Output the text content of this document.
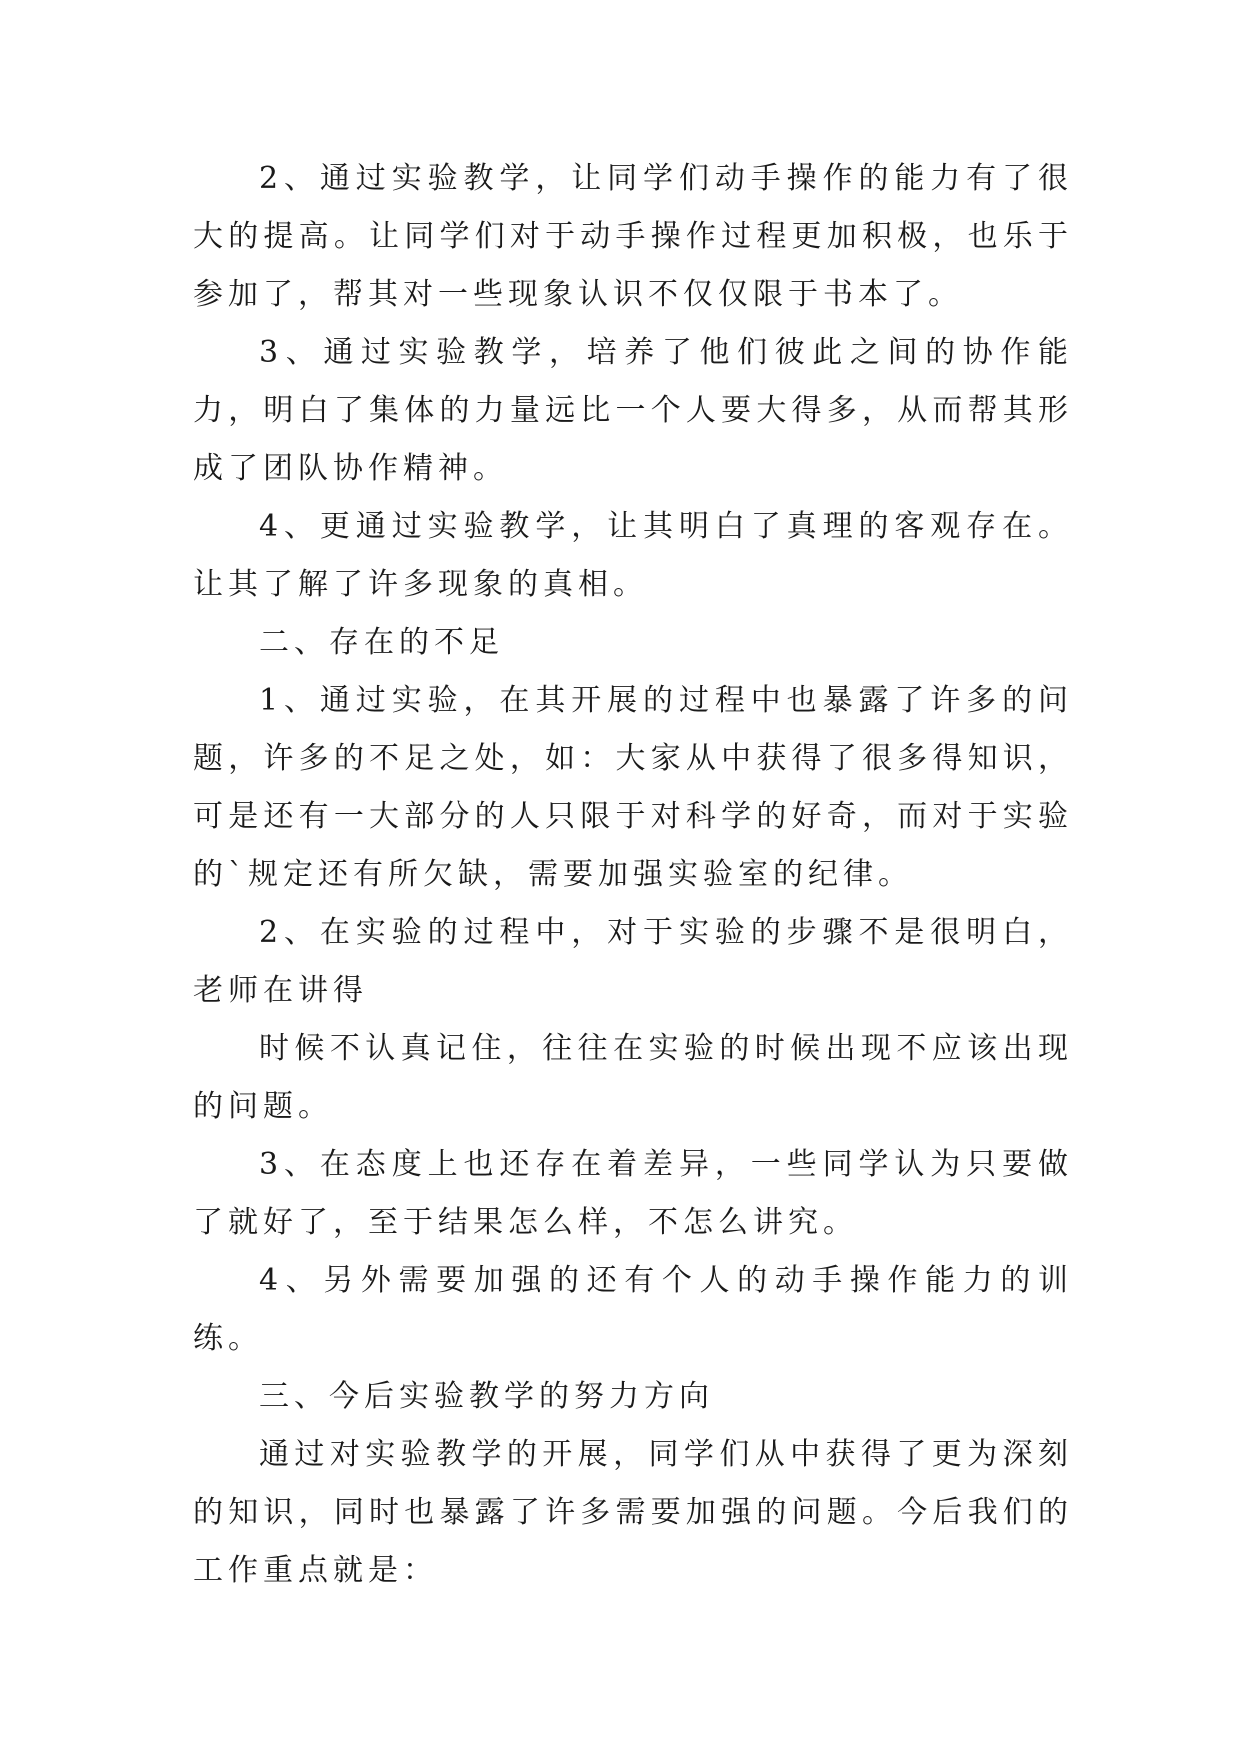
2、通过实验教学，让同学们动手操作的能力有了很大的提高。让同学们对于动手操作过程更加积极，也乐于参加了，帮其对一些现象认识不仅仅限于书本了。

3、通过实验教学，培养了他们彼此之间的协作能力，明白了集体的力量远比一个人要大得多，从而帮其形成了团队协作精神。

4、更通过实验教学，让其明白了真理的客观存在。让其了解了许多现象的真相。

二、存在的不足

1、通过实验，在其开展的过程中也暴露了许多的问题，许多的不足之处，如：大家从中获得了很多得知识，可是还有一大部分的人只限于对科学的好奇，而对于实验的`规定还有所欠缺，需要加强实验室的纪律。

2、在实验的过程中，对于实验的步骤不是很明白，老师在讲得

时候不认真记住，往往在实验的时候出现不应该出现的问题。

3、在态度上也还存在着差异，一些同学认为只要做了就好了，至于结果怎么样，不怎么讲究。

4、另外需要加强的还有个人的动手操作能力的训练。

三、今后实验教学的努力方向

通过对实验教学的开展，同学们从中获得了更为深刻的知识，同时也暴露了许多需要加强的问题。今后我们的工作重点就是：
